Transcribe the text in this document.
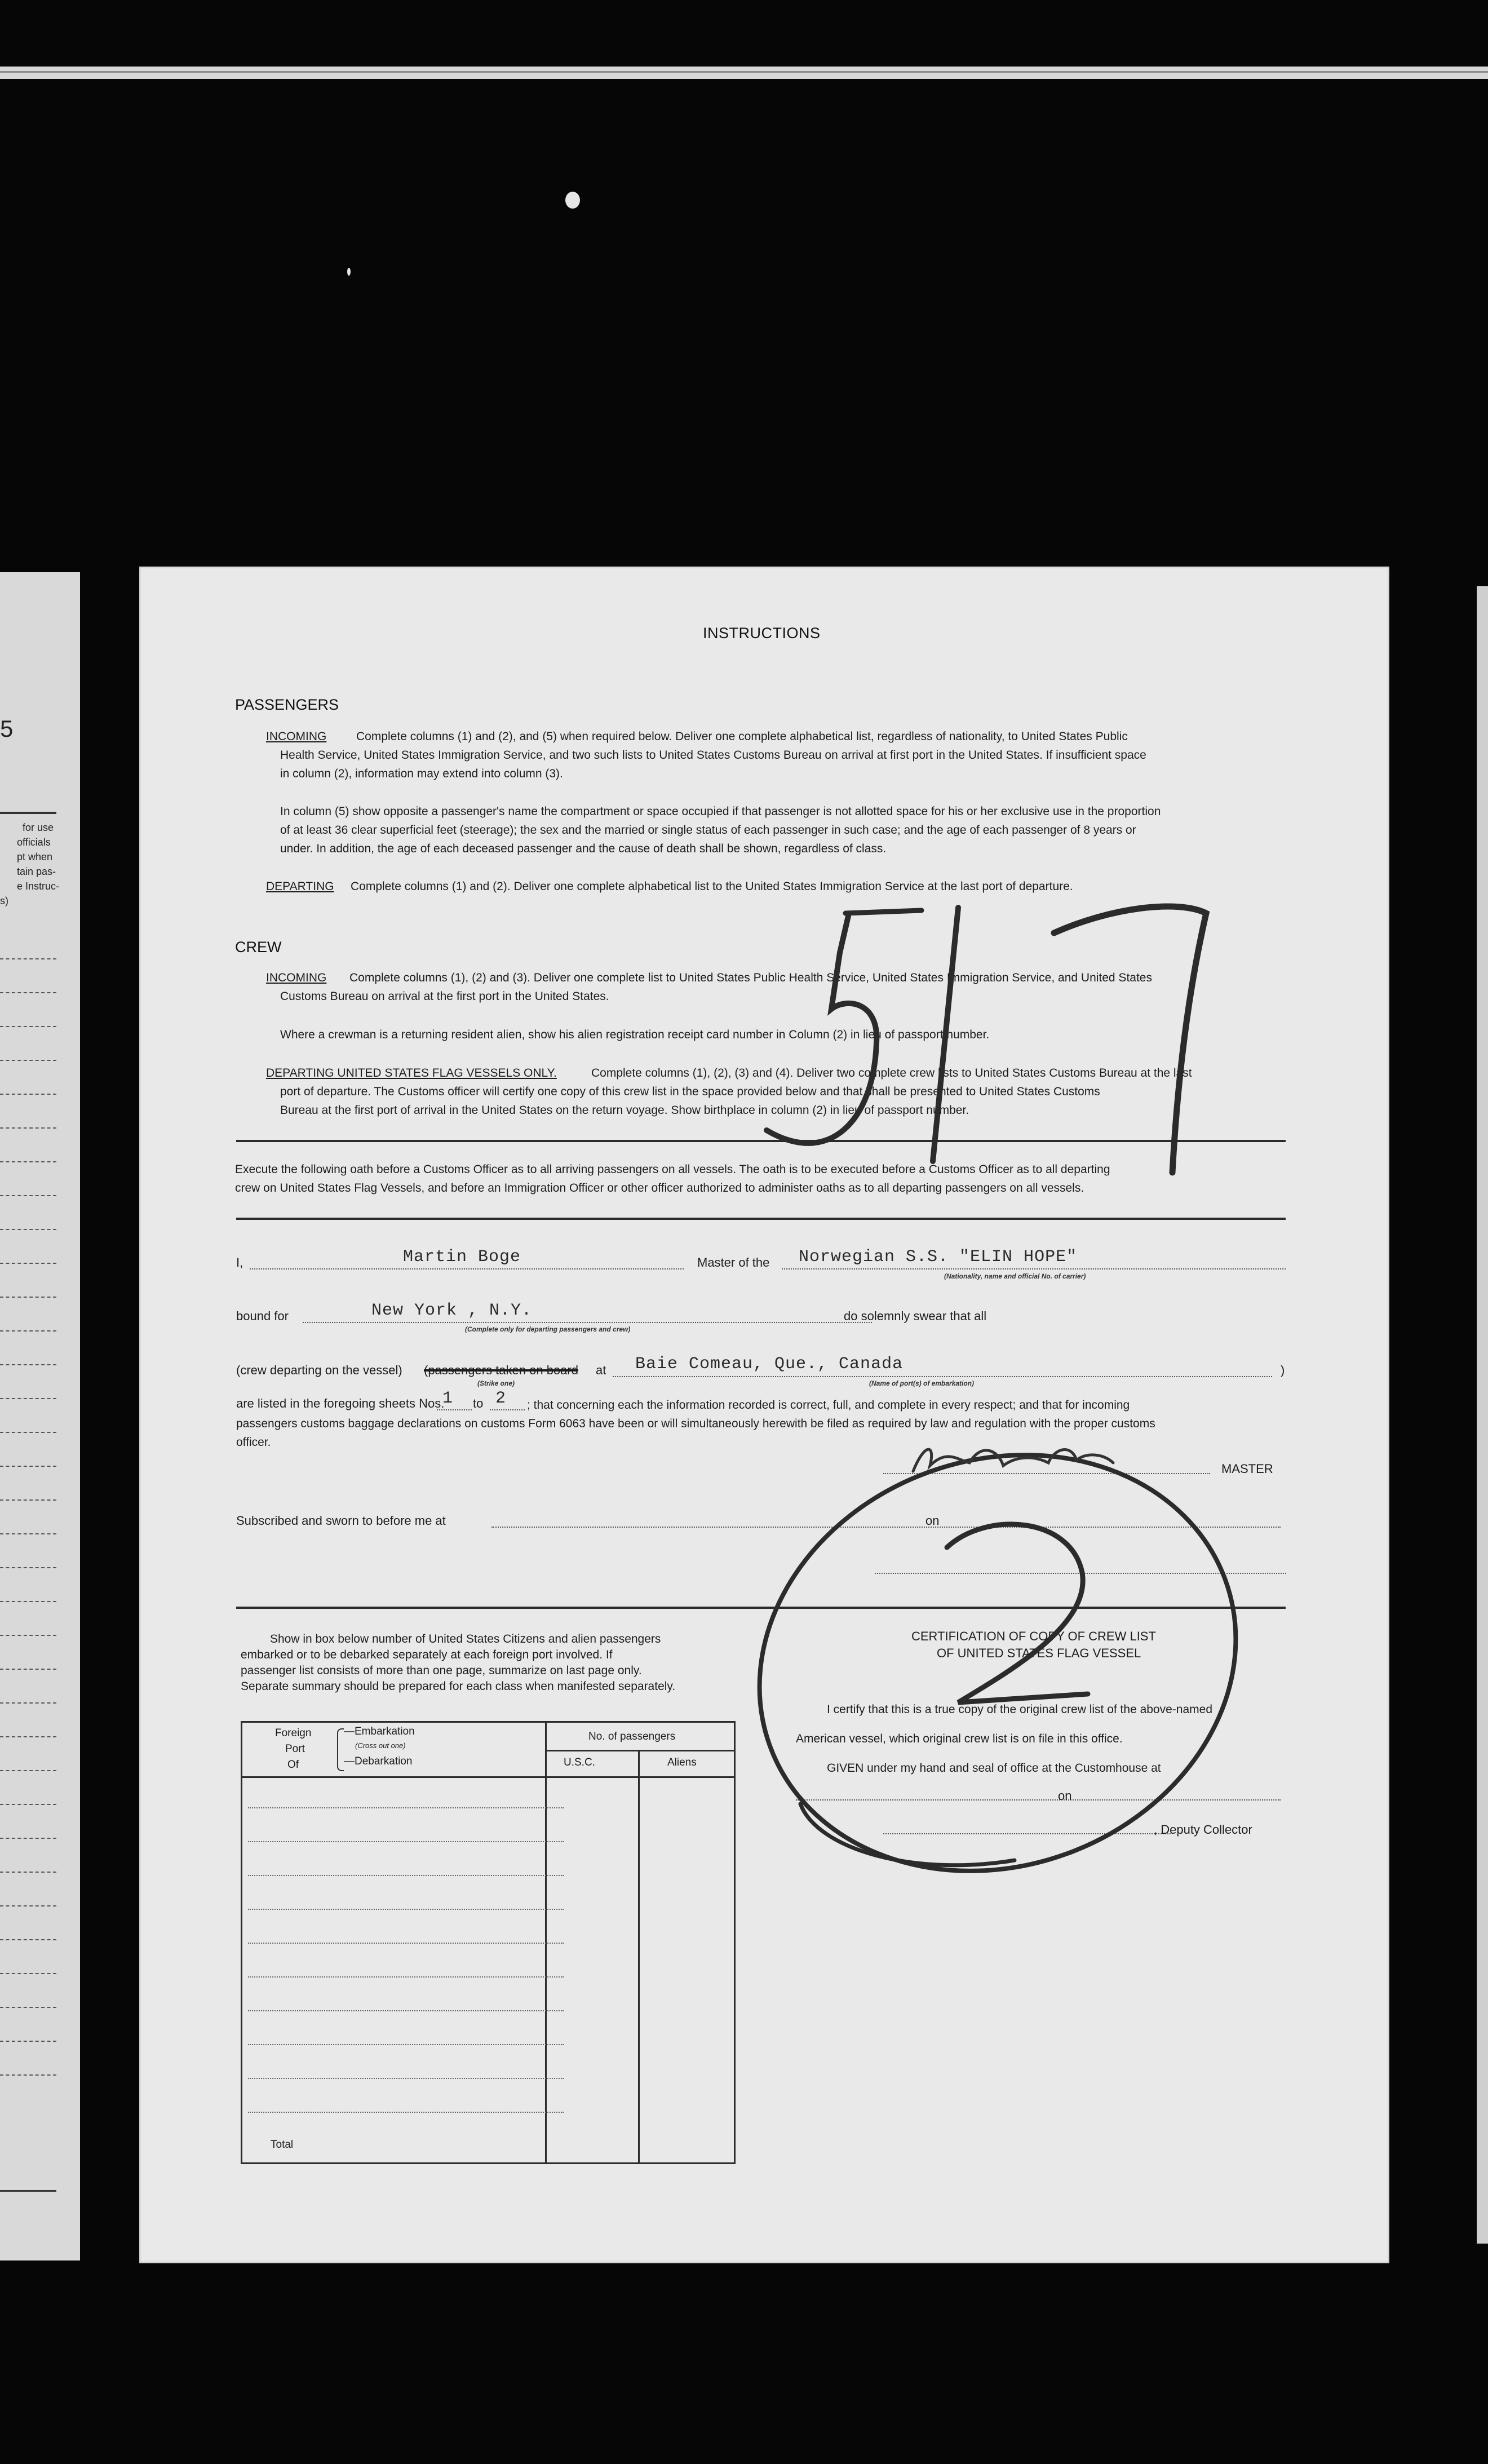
5
for use
officials
pt when
tain pas-
e Instruc-
s)
INSTRUCTIONS
PASSENGERS
INCOMING	Complete columns (1) and (2), and (5) when required below. Deliver one complete alphabetical list, regardless of nationality, to United States Public
Health Service, United States Immigration Service, and two such lists to United States Customs Bureau on arrival at first port in the United States. If insufficient space
in column (2), information may extend into column (3).
In column (5) show opposite a passenger's name the compartment or space occupied if that passenger is not allotted space for his or her exclusive use in the proportion
of at least 36 clear superficial feet (steerage); the sex and the married or single status of each passenger in such case; and the age of each passenger of 8 years or
under. In addition, the age of each deceased passenger and the cause of death shall be shown, regardless of class.
DEPARTING Complete columns (1) and (2). Deliver one complete alphabetical list to the United States Immigration Service at the last port of departure.
CREW
INCOMING Complete columns (1), (2) and (3). Deliver one complete list to United States Public Health Service, United States Immigration Service, and United States
Customs Bureau on arrival at the first port in the United States.
Where a crewman is a returning resident alien, show his alien registration receipt card number in Column (2) in lieu of passport number.
DEPARTING UNITED STATES FLAG VESSELS ONLY.	Complete columns (1), (2), (3) and (4). Deliver two complete crew lists to United States Customs Bureau at the last
port of departure. The Customs officer will certify one copy of this crew list in the space provided below and that shall be presented to United States Customs
Bureau at the first port of arrival in the United States on the return voyage. Show birthplace in column (2) in lieu of passport number.
Execute the following oath before a Customs Officer as to all arriving passengers on all vessels. The oath is to be executed before a Customs Officer as to all departing
crew on United States Flag Vessels, and before an Immigration Officer or other officer authorized to administer oaths as to all departing passengers on all vessels.
I,	Martin Boge	Master of the Norwegian S.S. "ELIN HOPE"
(Nationality, name and official No. of carrier)
bound for	New York , N.Y.
(Complete only for departing passengers and crew)
do solemnly swear that all
(crew departing on the vessel) (passengers taken on board at
(Strike one)
Baie Comeau, Que., Canada
(Name of port(s) of embarkation)
)
are listed in the foregoing sheets Nos.
1 to 2 ; that concerning each the information recorded is correct, full, and complete in every respect; and that for incoming
passengers customs baggage declarations on customs Form 6063 have been or will simultaneously herewith be filed as required by law and regulation with the proper customs
officer.
MASTER
Subscribed and sworn to before me at	on
Show in box below number of United States Citizens and alien passengers
embarked or to be debarked separately at each foreign port involved. If
passenger list consists of more than one page, summarize on last page only.
Separate summary should be prepared for each class when manifested separately.
Foreign
Port
Of
—Embarkation
(Cross out one)
—Debarkation
No. of passengers
U.S.C.	Aliens
Total
CERTIFICATION OF COPY OF CREW LIST
OF UNITED STATES FLAG VESSEL
I certify that this is a true copy of the original crew list of the above-named
American vessel, which original crew list is on file in this office.
GIVEN under my hand and seal of office at the Customhouse at
on
, Deputy Collector
